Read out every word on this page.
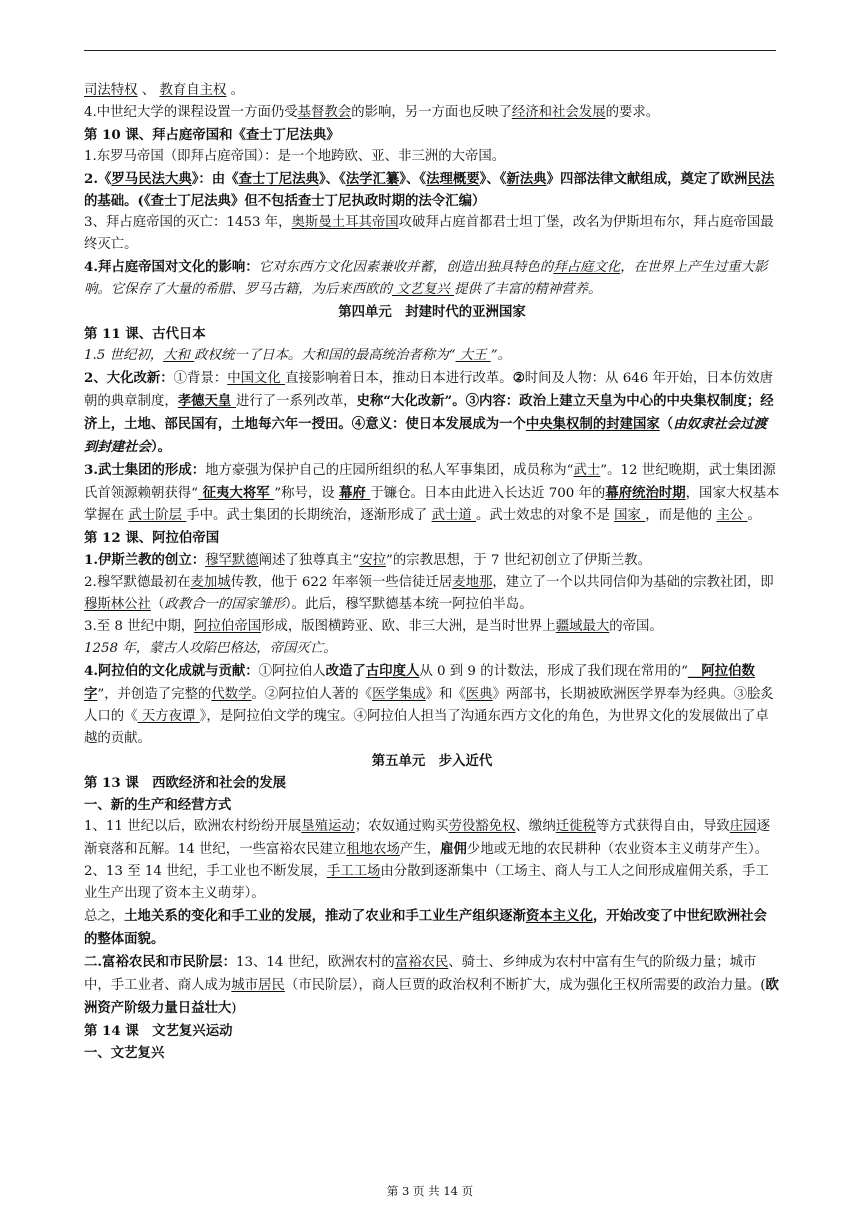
司法特权 、 教育自主权 。

4.中世纪大学的课程设置一方面仍受基督教会的影响，另一方面也反映了经济和社会发展的要求。

第 10 课、拜占庭帝国和《查士丁尼法典》

1.东罗马帝国（即拜占庭帝国）：是一个地跨欧、亚、非三洲的大帝国。

2.《罗马民法大典》：由《查士丁尼法典》、《法学汇纂》、《法理概要》、《新法典》四部法律文献组成，奠定了欧洲民法的基础。(《查士丁尼法典》但不包括查士丁尼执政时期的法令汇编）

3、拜占庭帝国的灭亡：1453 年，奥斯曼土耳其帝国攻破拜占庭首都君士坦丁堡，改名为伊斯坦布尔，拜占庭帝国最终灭亡。

4.拜占庭帝国对文化的影响：它对东西方文化因素兼收并蓄，创造出独具特色的拜占庭文化，在世界上产生过重大影响。它保存了大量的希腊、罗马古籍，为后来西欧的 文艺复兴 提供了丰富的精神营养。

第四单元　封建时代的亚洲国家

第 11 课、古代日本

1.5 世纪初，大和 政权统一了日本。大和国的最高统治者称为“ 大王 ”。

2、大化改新：①背景：中国文化 直接影响着日本，推动日本进行改革。②时间及人物：从 646 年开始，日本仿效唐朝的典章制度，孝德天皇 进行了一系列改革，史称“大化改新”。③内容：政治上建立天皇为中心的中央集权制度；经济上，土地、部民国有，土地每六年一授田。④意义：使日本发展成为一个中央集权制的封建国家（由奴隶社会过渡到封建社会）。

3.武士集团的形成：地方豪强为保护自己的庄园所组织的私人军事集团，成员称为“武士”。12 世纪晚期，武士集团源氏首领源赖朝获得“ 征夷大将军 ”称号，设 幕府 于镰仓。日本由此进入长达近 700 年的幕府统治时期，国家大权基本掌握在 武士阶层 手中。武士集团的长期统治，逐渐形成了 武士道 。武士效忠的对象不是 国家 ，而是他的 主公 。

第 12 课、阿拉伯帝国

1.伊斯兰教的创立：穆罕默德阐述了独尊真主“安拉”的宗教思想，于 7 世纪初创立了伊斯兰教。

2.穆罕默德最初在麦加城传教，他于 622 年率领一些信徒迁居麦地那，建立了一个以共同信仰为基础的宗教社团，即穆斯林公社（政教合一的国家雏形）。此后，穆罕默德基本统一阿拉伯半岛。

3.至 8 世纪中期，阿拉伯帝国形成，版图横跨亚、欧、非三大洲，是当时世界上疆域最大的帝国。

1258 年，蒙古人攻陷巴格达，帝国灭亡。

4.阿拉伯的文化成就与贡献：①阿拉伯人改造了古印度人从 0 到 9 的计数法，形成了我们现在常用的“__阿拉伯数字”，并创造了完整的代数学。②阿拉伯人著的《医学集成》和《医典》两部书，长期被欧洲医学界奉为经典。③脍炙人口的《 天方夜谭 》，是阿拉伯文学的瑰宝。④阿拉伯人担当了沟通东西方文化的角色，为世界文化的发展做出了卓越的贡献。

第五单元　步入近代

第 13 课　西欧经济和社会的发展

一、新的生产和经营方式

1、11 世纪以后，欧洲农村纷纷开展垦殖运动；农奴通过购买劳役豁免权、缴纳迁徙税等方式获得自由，导致庄园逐渐衰落和瓦解。14 世纪，一些富裕农民建立租地农场产生，雇佣少地或无地的农民耕种（农业资本主义萌芽产生）。

2、13 至 14 世纪，手工业也不断发展，手工工场由分散到逐渐集中（工场主、商人与工人之间形成雇佣关系，手工业生产出现了资本主义萌芽）。

总之，土地关系的变化和手工业的发展，推动了农业和手工业生产组织逐渐资本主义化，开始改变了中世纪欧洲社会的整体面貌。

二.富裕农民和市民阶层：13、14 世纪，欧洲农村的富裕农民、骑士、乡绅成为农村中富有生气的阶级力量；城市中，手工业者、商人成为城市居民（市民阶层），商人巨贾的政治权利不断扩大，成为强化王权所需要的政治力量。(欧洲资产阶级力量日益壮大)

第 14 课　文艺复兴运动

一、文艺复兴

第 3 页 共 14 页
